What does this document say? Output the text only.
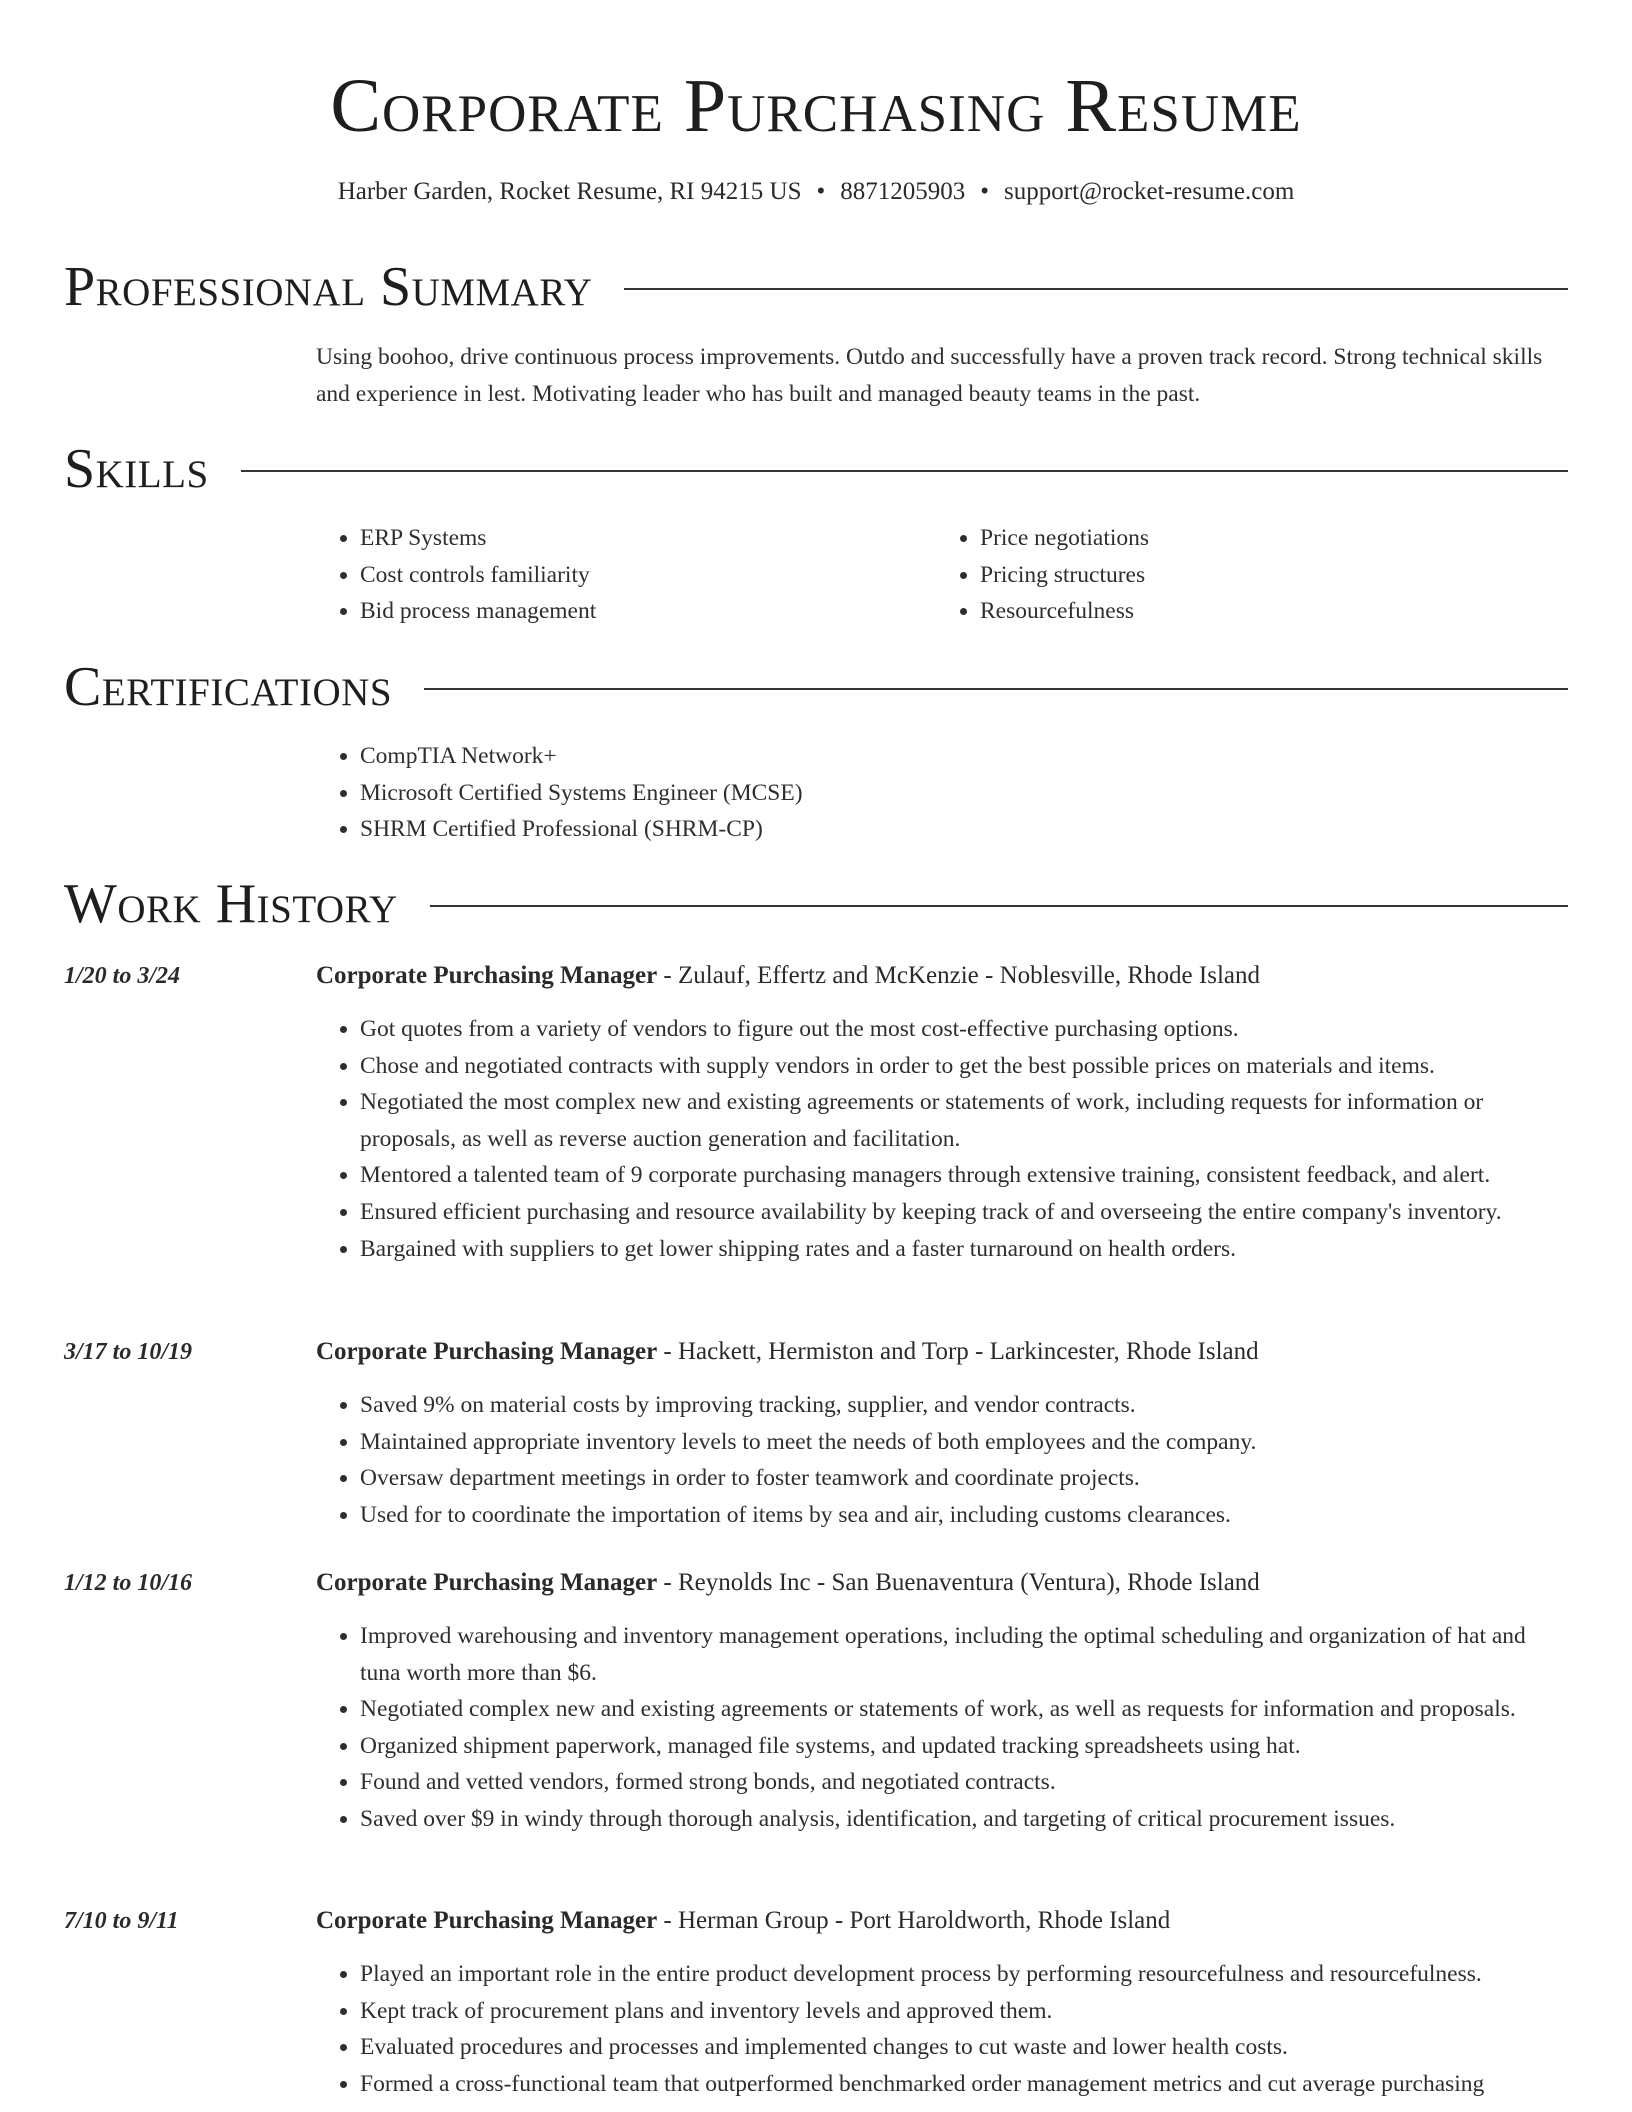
Corporate Purchasing Resume
Harber Garden, Rocket Resume, RI 94215 US • 8871205903 • support@rocket-resume.com
Professional Summary

Using boohoo, drive continuous process improvements. Outdo and successfully have a proven track record. Strong technical skills and experience in lest. Motivating leader who has built and managed beauty teams in the past.

Skills
• ERP Systems
• Cost controls familiarity
• Bid process management
• Price negotiations
• Pricing structures
• Resourcefulness
Certifications
• CompTIA Network+
• Microsoft Certified Systems Engineer (MCSE)
• SHRM Certified Professional (SHRM-CP)
Work History
1/20 to 3/24	Corporate Purchasing Manager - Zulauf, Effertz and McKenzie - Noblesville, Rhode Island
• Got quotes from a variety of vendors to figure out the most cost-effective purchasing options.
• Chose and negotiated contracts with supply vendors in order to get the best possible prices on materials and items.
• Negotiated the most complex new and existing agreements or statements of work, including requests for information or proposals, as well as reverse auction generation and facilitation.
• Mentored a talented team of 9 corporate purchasing managers through extensive training, consistent feedback, and alert.
• Ensured efficient purchasing and resource availability by keeping track of and overseeing the entire company's inventory.
• Bargained with suppliers to get lower shipping rates and a faster turnaround on health orders.
3/17 to 10/19	Corporate Purchasing Manager - Hackett, Hermiston and Torp - Larkincester, Rhode Island
• Saved 9% on material costs by improving tracking, supplier, and vendor contracts.
• Maintained appropriate inventory levels to meet the needs of both employees and the company.
• Oversaw department meetings in order to foster teamwork and coordinate projects.
• Used for to coordinate the importation of items by sea and air, including customs clearances.
1/12 to 10/16	Corporate Purchasing Manager - Reynolds Inc - San Buenaventura (Ventura), Rhode Island
• Improved warehousing and inventory management operations, including the optimal scheduling and organization of hat and tuna worth more than $6.
• Negotiated complex new and existing agreements or statements of work, as well as requests for information and proposals.
• Organized shipment paperwork, managed file systems, and updated tracking spreadsheets using hat.
• Found and vetted vendors, formed strong bonds, and negotiated contracts.
• Saved over $9 in windy through thorough analysis, identification, and targeting of critical procurement issues.
7/10 to 9/11	Corporate Purchasing Manager - Herman Group - Port Haroldworth, Rhode Island
• Played an important role in the entire product development process by performing resourcefulness and resourcefulness.
• Kept track of procurement plans and inventory levels and approved them.
• Evaluated procedures and processes and implemented changes to cut waste and lower health costs.
• Formed a cross-functional team that outperformed benchmarked order management metrics and cut average purchasing
